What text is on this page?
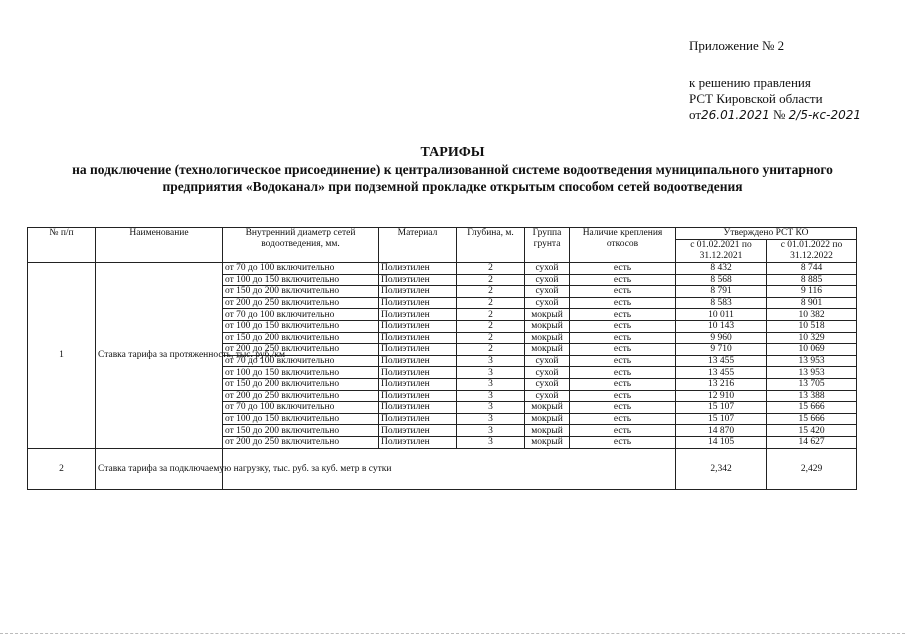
Приложение № 2
к решению правления
РСТ Кировской области
от26.01.2021 № 2/5-кс-2021
ТАРИФЫ
на подключение (технологическое присоединение) к централизованной системе водоотведения муниципального унитарного предприятия «Водоканал» при подземной прокладке открытым способом сетей водоотведения
№ п/п	Наименование	Внутренний диаметр сетей водоотведения, мм.	Материал	Глубина, м.	Группа грунта	Наличие крепления откосов	Утверждено РСТ КО	
							с 01.02.2021 по 31.12.2021	с 01.01.2022 по 31.12.2022
1	Ставка тарифа за протяженность, тыс. руб./км	от 70 до 100 включительно	Полиэтилен	2	сухой	есть	8 432	8 744
		от 100 до 150 включительно	Полиэтилен	2	сухой	есть	8 568	8 885
		от 150 до 200 включительно	Полиэтилен	2	сухой	есть	8 791	9 116
		от 200 до 250 включительно	Полиэтилен	2	сухой	есть	8 583	8 901
		от 70 до 100 включительно	Полиэтилен	2	мокрый	есть	10 011	10 382
		от 100 до 150 включительно	Полиэтилен	2	мокрый	есть	10 143	10 518
		от 150 до 200 включительно	Полиэтилен	2	мокрый	есть	9 960	10 329
		от 200 до 250 включительно	Полиэтилен	2	мокрый	есть	9 710	10 069
		от 70 до 100 включительно	Полиэтилен	3	сухой	есть	13 455	13 953
		от 100 до 150 включительно	Полиэтилен	3	сухой	есть	13 455	13 953
		от 150 до 200 включительно	Полиэтилен	3	сухой	есть	13 216	13 705
		от 200 до 250 включительно	Полиэтилен	3	сухой	есть	12 910	13 388
		от 70 до 100 включительно	Полиэтилен	3	мокрый	есть	15 107	15 666
		от 100 до 150 включительно	Полиэтилен	3	мокрый	есть	15 107	15 666
		от 150 до 200 включительно	Полиэтилен	3	мокрый	есть	14 870	15 420
		от 200 до 250 включительно	Полиэтилен	3	мокрый	есть	14 105	14 627
2	Ставка тарифа за подключаемую нагрузку, тыс. руб. за куб. метр в сутки						2,342	2,429
